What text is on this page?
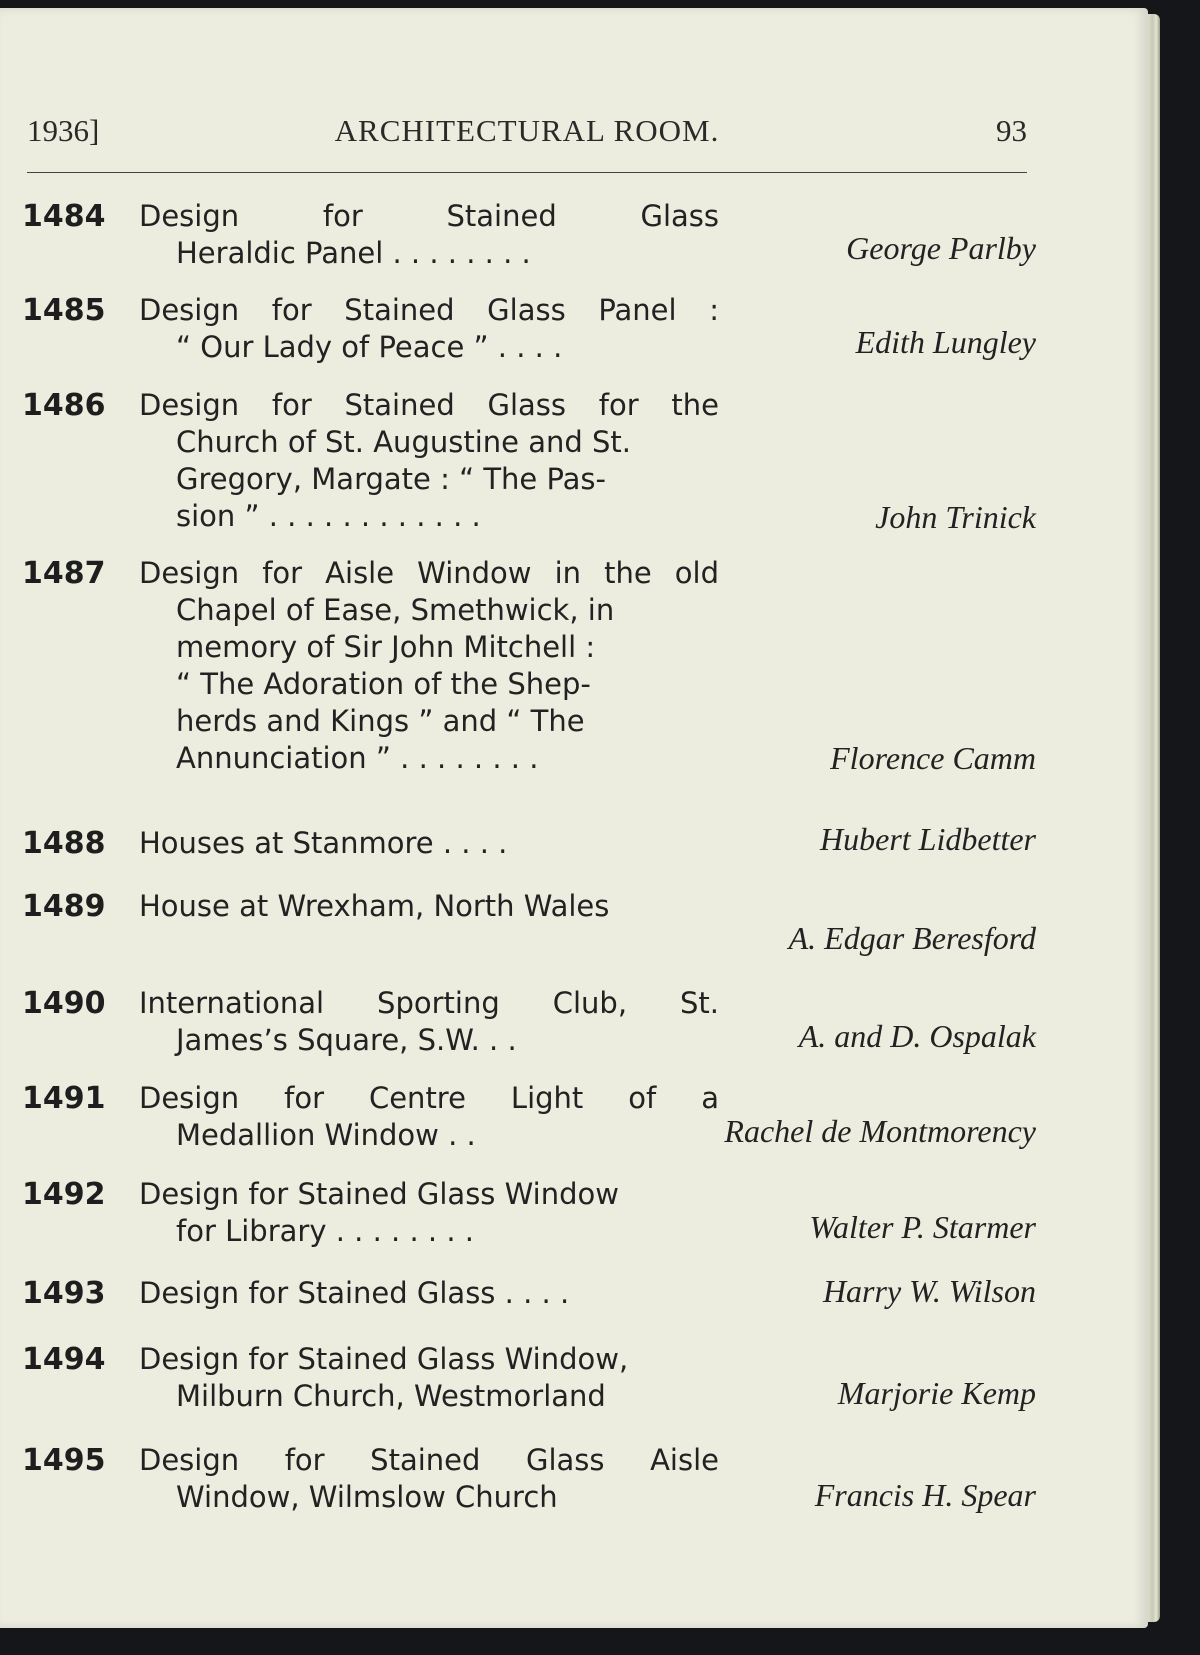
1936]	ARCHITECTURAL ROOM.	93
1484 Design for Stained Glass
Heraldic Panel . . . . . . . .	George Parlby
1485 Design for Stained Glass Panel :
“ Our Lady of Peace ” . . . .	Edith Lungley
1486 Design for Stained Glass for the
Church of St. Augustine and St.
Gregory, Margate : “ The Pas-
sion ” . . . . . . . . . . . .	John Trinick
1487 Design for Aisle Window in the old
Chapel of Ease, Smethwick, in
memory of Sir John Mitchell :
“ The Adoration of the Shep-
herds and Kings ” and “ The
Annunciation ” . . . . . . . .	Florence Camm
1488 Houses at Stanmore . . . .	Hubert Lidbetter
1489 House at Wrexham, North Wales
A. Edgar Beresford
1490 International Sporting Club, St.
James’s Square, S.W. . .	A. and D. Ospalak
1491 Design for Centre Light of a
Medallion Window . .	Rachel de Montmorency
1492 Design for Stained Glass Window
for Library . . . . . . . .	Walter P. Starmer
1493 Design for Stained Glass . . . .	Harry W. Wilson
1494 Design for Stained Glass Window,
Milburn Church, Westmorland	Marjorie Kemp
1495 Design for Stained Glass Aisle
Window, Wilmslow Church	Francis H. Spear
